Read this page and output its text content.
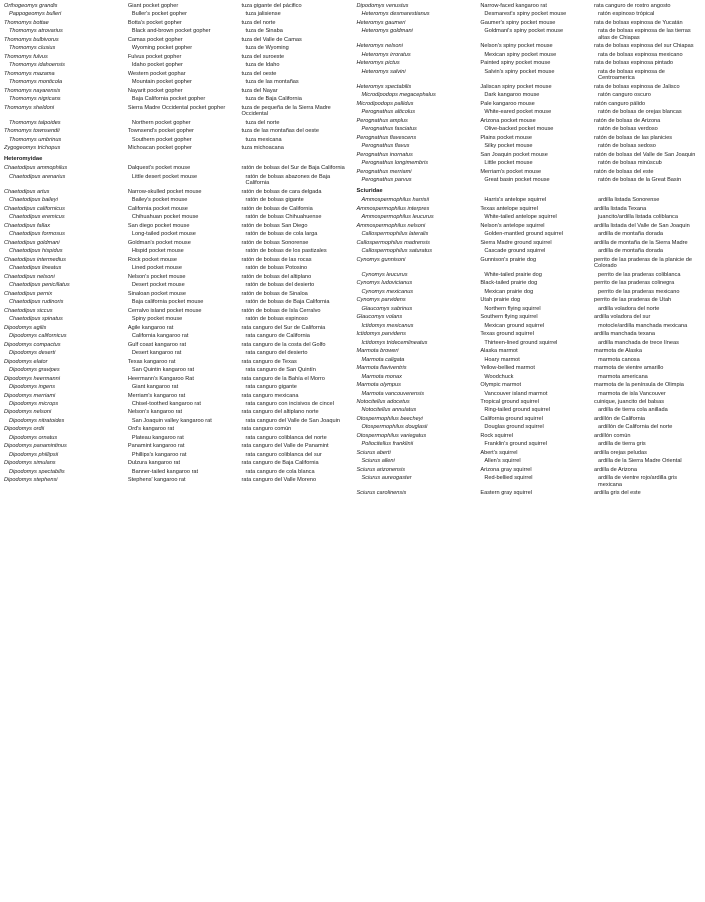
Orthogeomys grandis	Giant pocket gopher	tuza gigante del pácifico
Pappogeomys bulleri	Buller's pocket gopher	tuza jalisiense
Thomomys bottae	Botta's pocket gopher	tuza del norte
Thomomys atrovarius	Black and-brown pocket gopher	tuza de Sinaba
Thomomys bulbivorus	Camas pocket gopher	tuza del Valle de Camas
Thomomys clusius	Wyoming pocket gopher	tuza de Wyoming
Thomomys fulvus	Fulvus pocket gopher	tuza del suroeste
Thomomys idahoensis	Idaho pocket gopher	tuza de Idaho
Thomomys mazama	Western pocket gophar	tuza del oeste
Thomomys monticola	Mountain pocket gopher	tuza de las montañas
Thomomys nayarensis	Nayarit pocket gopher	tuza del Nayar
Thomomys nigricans	Baja California pocket gopher	tuza de Baja California
Thomomys sheldoni	Sierra Madre Occidental pocket gopher	tuza de pequeña de la Sierra Madre Occidental
Thomomys talpoides	Northern pocket gopher	tuza del norte
Thomomys townsendii	Townsend's pocket gopher	tuza de las montañas del oeste
Thomomys umbrinus	Southern pocket gopher	tuza mexicana
Zygogeomys trichopus	Michoacan pocket gopher	tuza michoacana
Heteromyidae		
Chaetodipus ammophilus	Dalquest's pocket mouse	ratón de bolsas del Sur de Baja California
Chaetodipus arenarius	Little desert pocket mouse	ratón de bolsas abazones de Baja California
Chaetodipus artus	Narrow-skulled pocket mouse	ratón de bolsas de cara delgada
Chaetodipus baileyi	Bailey's pocket mouse	ratón de bolsas gigante
Chaetodipus californicus	California pocket mouse	ratón de bolsas de California
Chaetodipus eremicus	Chihuahuan pocket mouse	ratón de bolsas Chihuahuense
Chaetodipus fallax	San diego pocket mouse	ratón de bolsas San Diego
Chaetodipus formosus	Long-tailed pocket mouse	ratón de bolsas de cola larga
Chaetodipus goldmani	Goldman's pocket mouse	ratón de bolsas Sonorense
Chaetodipus hispidus	Hispid pocket mouse	ratón de bolsas de los pastizales
Chaetodipus intermedius	Rock pocket mouse	ratón de bolsas de las rocas
Chaetodipus lineatus	Lined pocket mouse	ratón de bolsas Potosino
Chaetodipus nelsoni	Nelson's pocket mouse	ratón de bolsas del altiplano
Chaetodipus penicillatus	Desert pocket mouse	ratón de bolsas del desierto
Chaetodipus pernix	Sinaloan pocket mouse	ratón de bolsas de Sinaloa
Chaetodipus rudinoris	Baja california pocket mouse	ratón de bolsas de Baja California
Chaetodipus siccus	Cerralvo island pocket mouse	ratón de bolsas de Isla Cerralvo
Chaetodipus spinatus	Spiny pocket mouse	ratón de bolsas espinoso
Dipodomys agilis	Agile kangaroo rat	rata canguro del Sur de California
Dipodomys californicus	California kangaroo rat	rata canguro de California
Dipodomys compactus	Gulf coast kangaroo rat	rata canguro de la costa del Golfo
Dipodomys deserti	Desert kangaroo rat	rata canguro del desierto
Dipodomys elator	Texas kangaroo rat	rata canguro de Texas
Dipodomys gravipes	San Quintin kangaroo rat	rata canguro de San Quintín
Dipodomys heermanni	Heermann's Kangaroo Rat	rata canguro de la Bahía el Morro
Dipodomys ingens	Giant kangaroo rat	rata canguro gigante
Dipodomys merriami	Merriam's kangaroo rat	rata canguro mexicana
Dipodomys microps	Chisel-toothed kangaroo rat	rata canguro con incisivos de cincel
Dipodomys nelsoni	Nelson's kangaroo rat	rata canguro del altiplano norte
Dipodomys nitratoides	San Joaquin valley kangaroo rat	rata canguro del Valle de San Joaquin
Dipodomys ordii	Ord's kangaroo rat	rata canguro común
Dipodomys ornatus	Plateau kangaroo rat	rata canguro coliblanca del norte
Dipodomys panamintinus	Panamint kangaroo rat	rata canguro del Valle de Panamint
Dipodomys phillipsii	Phillips's kangaroo rat	rata canguro coliblanca del sur
Dipodomys simulans	Dulzura kangaroo rat	rata canguro de Baja California
Dipodomys spectabilis	Banner-tailed kangaroo rat	rata canguro de cola blanca
Dipodomys stephensi	Stephens' kangaroo rat	rata canguro del Valle Moreno
Dipodomys venustus	Narrow-faced kangaroo rat	rata canguro de rostro angosto
Heteromys desmarestianus	Desmarest's spiny pocket mouse	ratón espinoso trópical
Heteromys gaumeri	Gaumer's spiny pocket mouse	rata de bolsas espinosa de Yucatán
Heteromys goldmani	Goldmani's spiny pocket mouse	rata de bolsas espinosa de las tierras altas de Chiapas
Heteromys nelsoni	Nelson's spiny pocket mouse	rata de bolsas espinosa del sur Chiapas
Heteromys irroratus	Mexican spiny pocket mouse	rata de bolsas espinosa mexicano
Heteromys pictus	Painted spiny pocket mouse	rata de bolsas espinosa pintado
Heteromys salvini	Salvin's spiny pocket mouse	rata de bolsas espinosa de Centroamerica
Heteromys spectabilis	Jaliscan spiny pocket mouse	rata de bolsas espinosa de Jalisco
Microdipodops megacephalus	Dark kangaroo mouse	ratón canguro oscuro
Microdipodops pallidus	Pale kangaroo mouse	ratón canguro pálido
Perognathus alticolus	White-eared pocket mouse	ratón de bolsas de orejas blancas
Perognathus amplus	Arizona pocket mouse	ratón de bolsas de Arizona
Perognathus fasciatus	Olive-backed pocket mouse	ratón de bolsas verdoso
Perognathus flavescens	Plains pocket mouse	ratón de bolsas de las planicies
Perognathus flavus	Silky pocket mouse	ratón de bolsas sedoso
Perognathus inornatus	San Joaquin pocket mouse	ratón de bolsas del Valle de San Joaquin
Perognathus longimembris	Little pocket mouse	ratón de bolsas minúscub
Perognathus merriami	Merriam's pocket mouse	ratón de bolsas del este
Perognathus parvus	Great basin pocket mouse	ratón de bolsas de la Great Basin
Sciuridae		
Ammospermophilus harrisii	Harris's antelope squirrel	ardilla listada Sonorense
Ammospermophilus interpres	Texas antelope squirrel	ardilla listada Texana
Ammospermophilus leucurus	White-tailed antelope squirrel	juancito/ardilla listada coliblanca
Ammospermophilus nelsoni	Nelson's antelope squirrel	ardilla listada del Valle de San Joaquin
Callospermophilus lateralis	Golden-mantled ground squirrel	ardilla de montaña dorada
Callospermophilus madrensis	Sierra Madre ground squirrel	ardilla de montaña de la Sierra Madre
Callospermophilus saturatus	Cascade ground squirrel	ardilla de montaña dorada
Cynomys gunnisoni	Gunnison's prairie dog	perrito de las praderas de la planicie de Colorado
Cynomys leucurus	White-tailed prairie dog	perrito de las praderas coliblanca
Cynomys ludovicianus	Black-tailed prairie dog	perrito de las praderas colinegra
Cynomys mexicanus	Mexican prairie dog	perrito de las praderas mexicano
Cynomys parvidens	Utah prairie dog	perrito de las praderas de Utah
Glaucomys sabrinus	Northern flying squirrel	ardilla voladora del norte
Glaucomys volans	Southern flying squirrel	ardilla voladora del sur
Ictidomys mexicanus	Mexican ground squirrel	motocle/ardilla manchada mexicana
Ictidomys parvidens	Texas ground squirrel	ardilla manchada texana
Ictidomys tridecemlineatus	Thirteen-lined ground squirrel	ardilla manchada de trece líneas
Marmota broweri	Alaska marmot	marmota de Alaska
Marmota caligata	Hoary marmot	marmota canosa
Marmota flaviventris	Yellow-bellied marmot	marmota de vientre amarillo
Marmota monax	Woodchuck	marmota americana
Marmota olympus	Olympic marmot	marmota de la península de Olimpia
Marmota vancouverensis	Vancouver island marmot	marmota de isla Vancouver
Notocitellus adocetus	Tropical ground squirrel	cuinique, juancito del balsas
Notocitellus annulatus	Ring-tailed ground squirrel	ardilla de tierra cola anillada
Otospermophilus beecheyi	California ground squirrel	ardillón de California
Otospermophilus douglasii	Douglas ground squirrel	ardillón de California del norte
Otospermophilus variegatus	Rock squirrel	ardillón común
Poliocitellus franklinii	Franklin's ground squirrel	ardilla de tierra gris
Sciurus aberti	Abert's squirrel	ardilla orejas peludas
Sciurus alleni	Allen's squirrel	ardilla de la Sierra Madre Oriental
Sciurus arizonensis	Arizona gray squirrel	ardilla de Arizona
Sciurus aureogaster	Red-bellied squirrel	ardilla de vientre rojo/ardilla gris mexicana
Sciurus carolinensis	Eastern gray squirrel	ardilla gris del este
